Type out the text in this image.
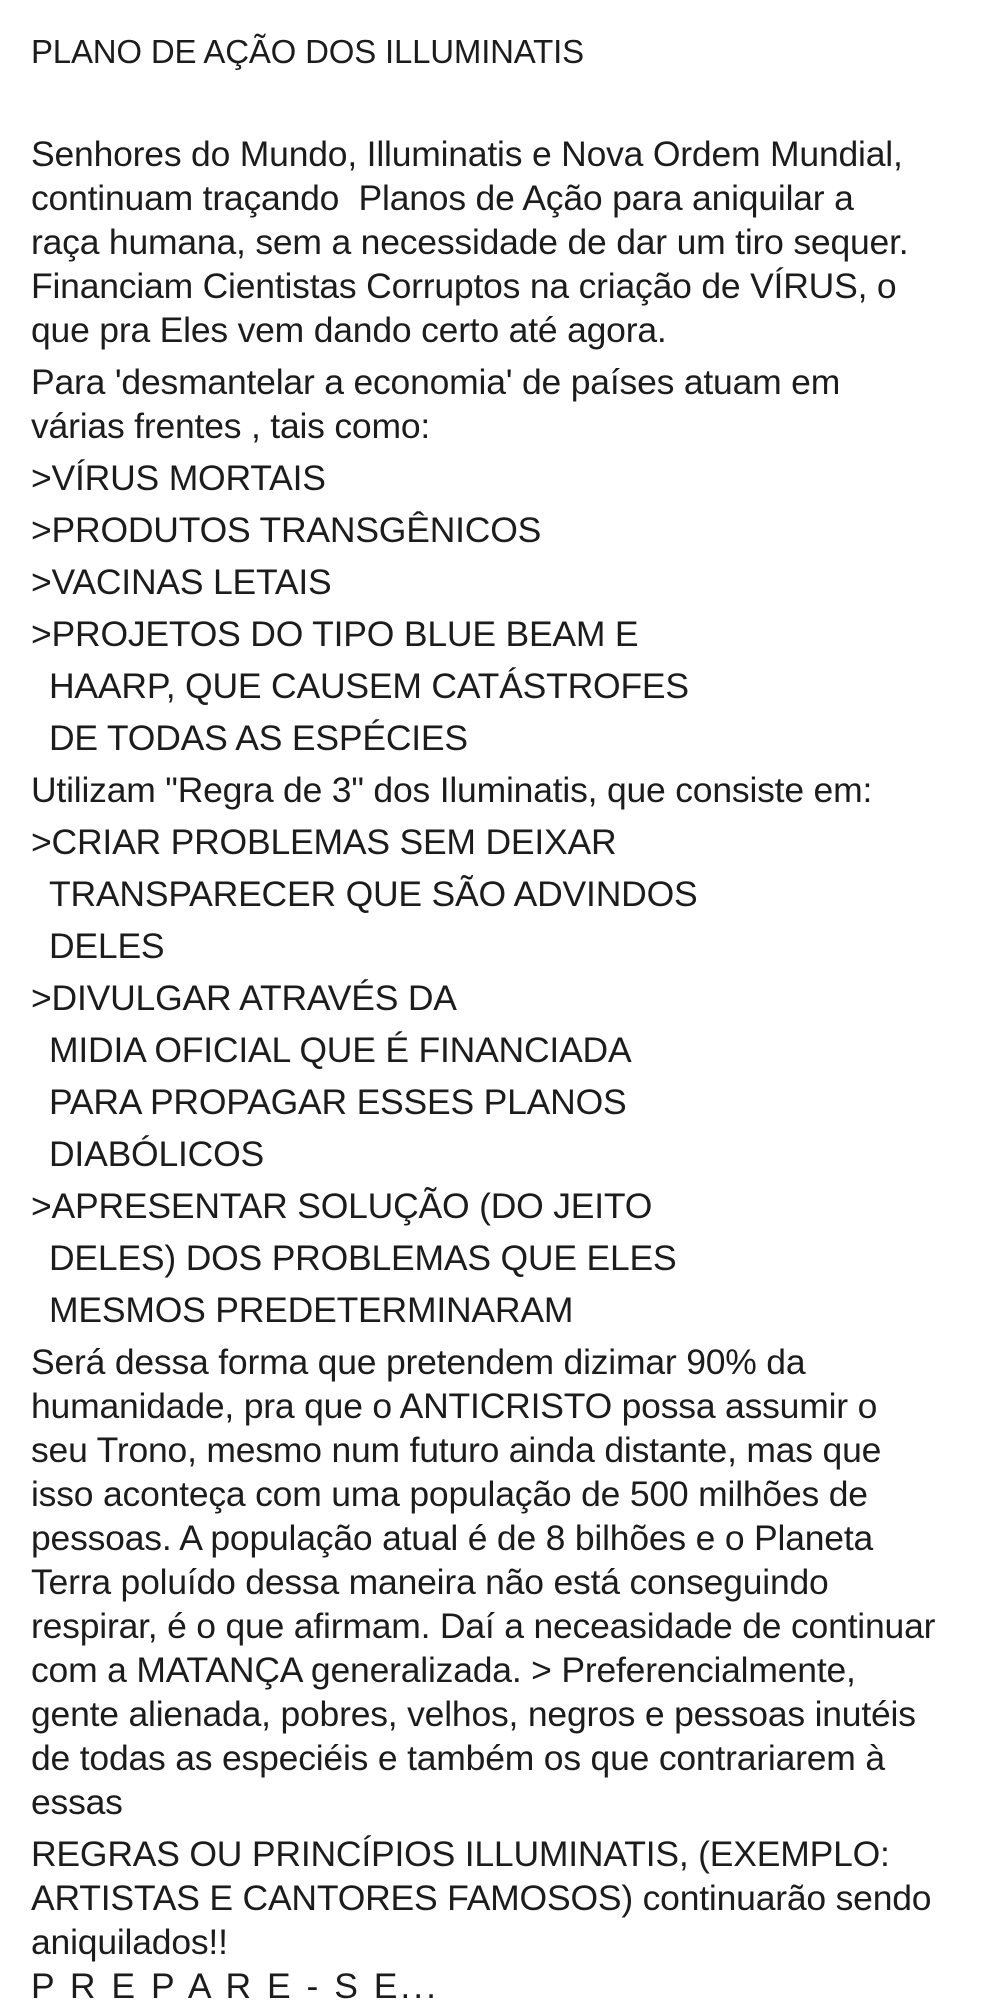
PLANO DE AÇÃO DOS ILLUMINATIS
Senhores do Mundo, Illuminatis e Nova Ordem Mundial,
continuam traçando  Planos de Ação para aniquilar a
raça humana, sem a necessidade de dar um tiro sequer.
Financiam Cientistas Corruptos na criação de VÍRUS, o
que pra Eles vem dando certo até agora.
Para 'desmantelar a economia' de países atuam em
várias frentes , tais como:
>VÍRUS MORTAIS
>PRODUTOS TRANSGÊNICOS
>VACINAS LETAIS
>PROJETOS DO TIPO BLUE BEAM E
HAARP, QUE CAUSEM CATÁSTROFES
DE TODAS AS ESPÉCIES
Utilizam "Regra de 3" dos Iluminatis, que consiste em:
>CRIAR PROBLEMAS SEM DEIXAR
TRANSPARECER QUE SÃO ADVINDOS
DELES
>DIVULGAR ATRAVÉS DA
MIDIA OFICIAL QUE É FINANCIADA
PARA PROPAGAR ESSES PLANOS
DIABÓLICOS
>APRESENTAR SOLUÇÃO (DO JEITO
DELES) DOS PROBLEMAS QUE ELES
MESMOS PREDETERMINARAM
Será dessa forma que pretendem dizimar 90% da
humanidade, pra que o ANTICRISTO possa assumir o
seu Trono, mesmo num futuro ainda distante, mas que
isso aconteça com uma população de 500 milhões de
pessoas. A população atual é de 8 bilhões e o Planeta
Terra poluído dessa maneira não está conseguindo
respirar, é o que afirmam. Daí a neceasidade de continuar
com a MATANÇA generalizada. > Preferencialmente,
gente alienada, pobres, velhos, negros e pessoas inutéis
de todas as especiéis e também os que contrariarem à
essas
REGRAS OU PRINCÍPIOS ILLUMINATIS, (EXEMPLO:
ARTISTAS E CANTORES FAMOSOS) continuarão sendo
aniquilados!!
P R E P A R E - S E...
